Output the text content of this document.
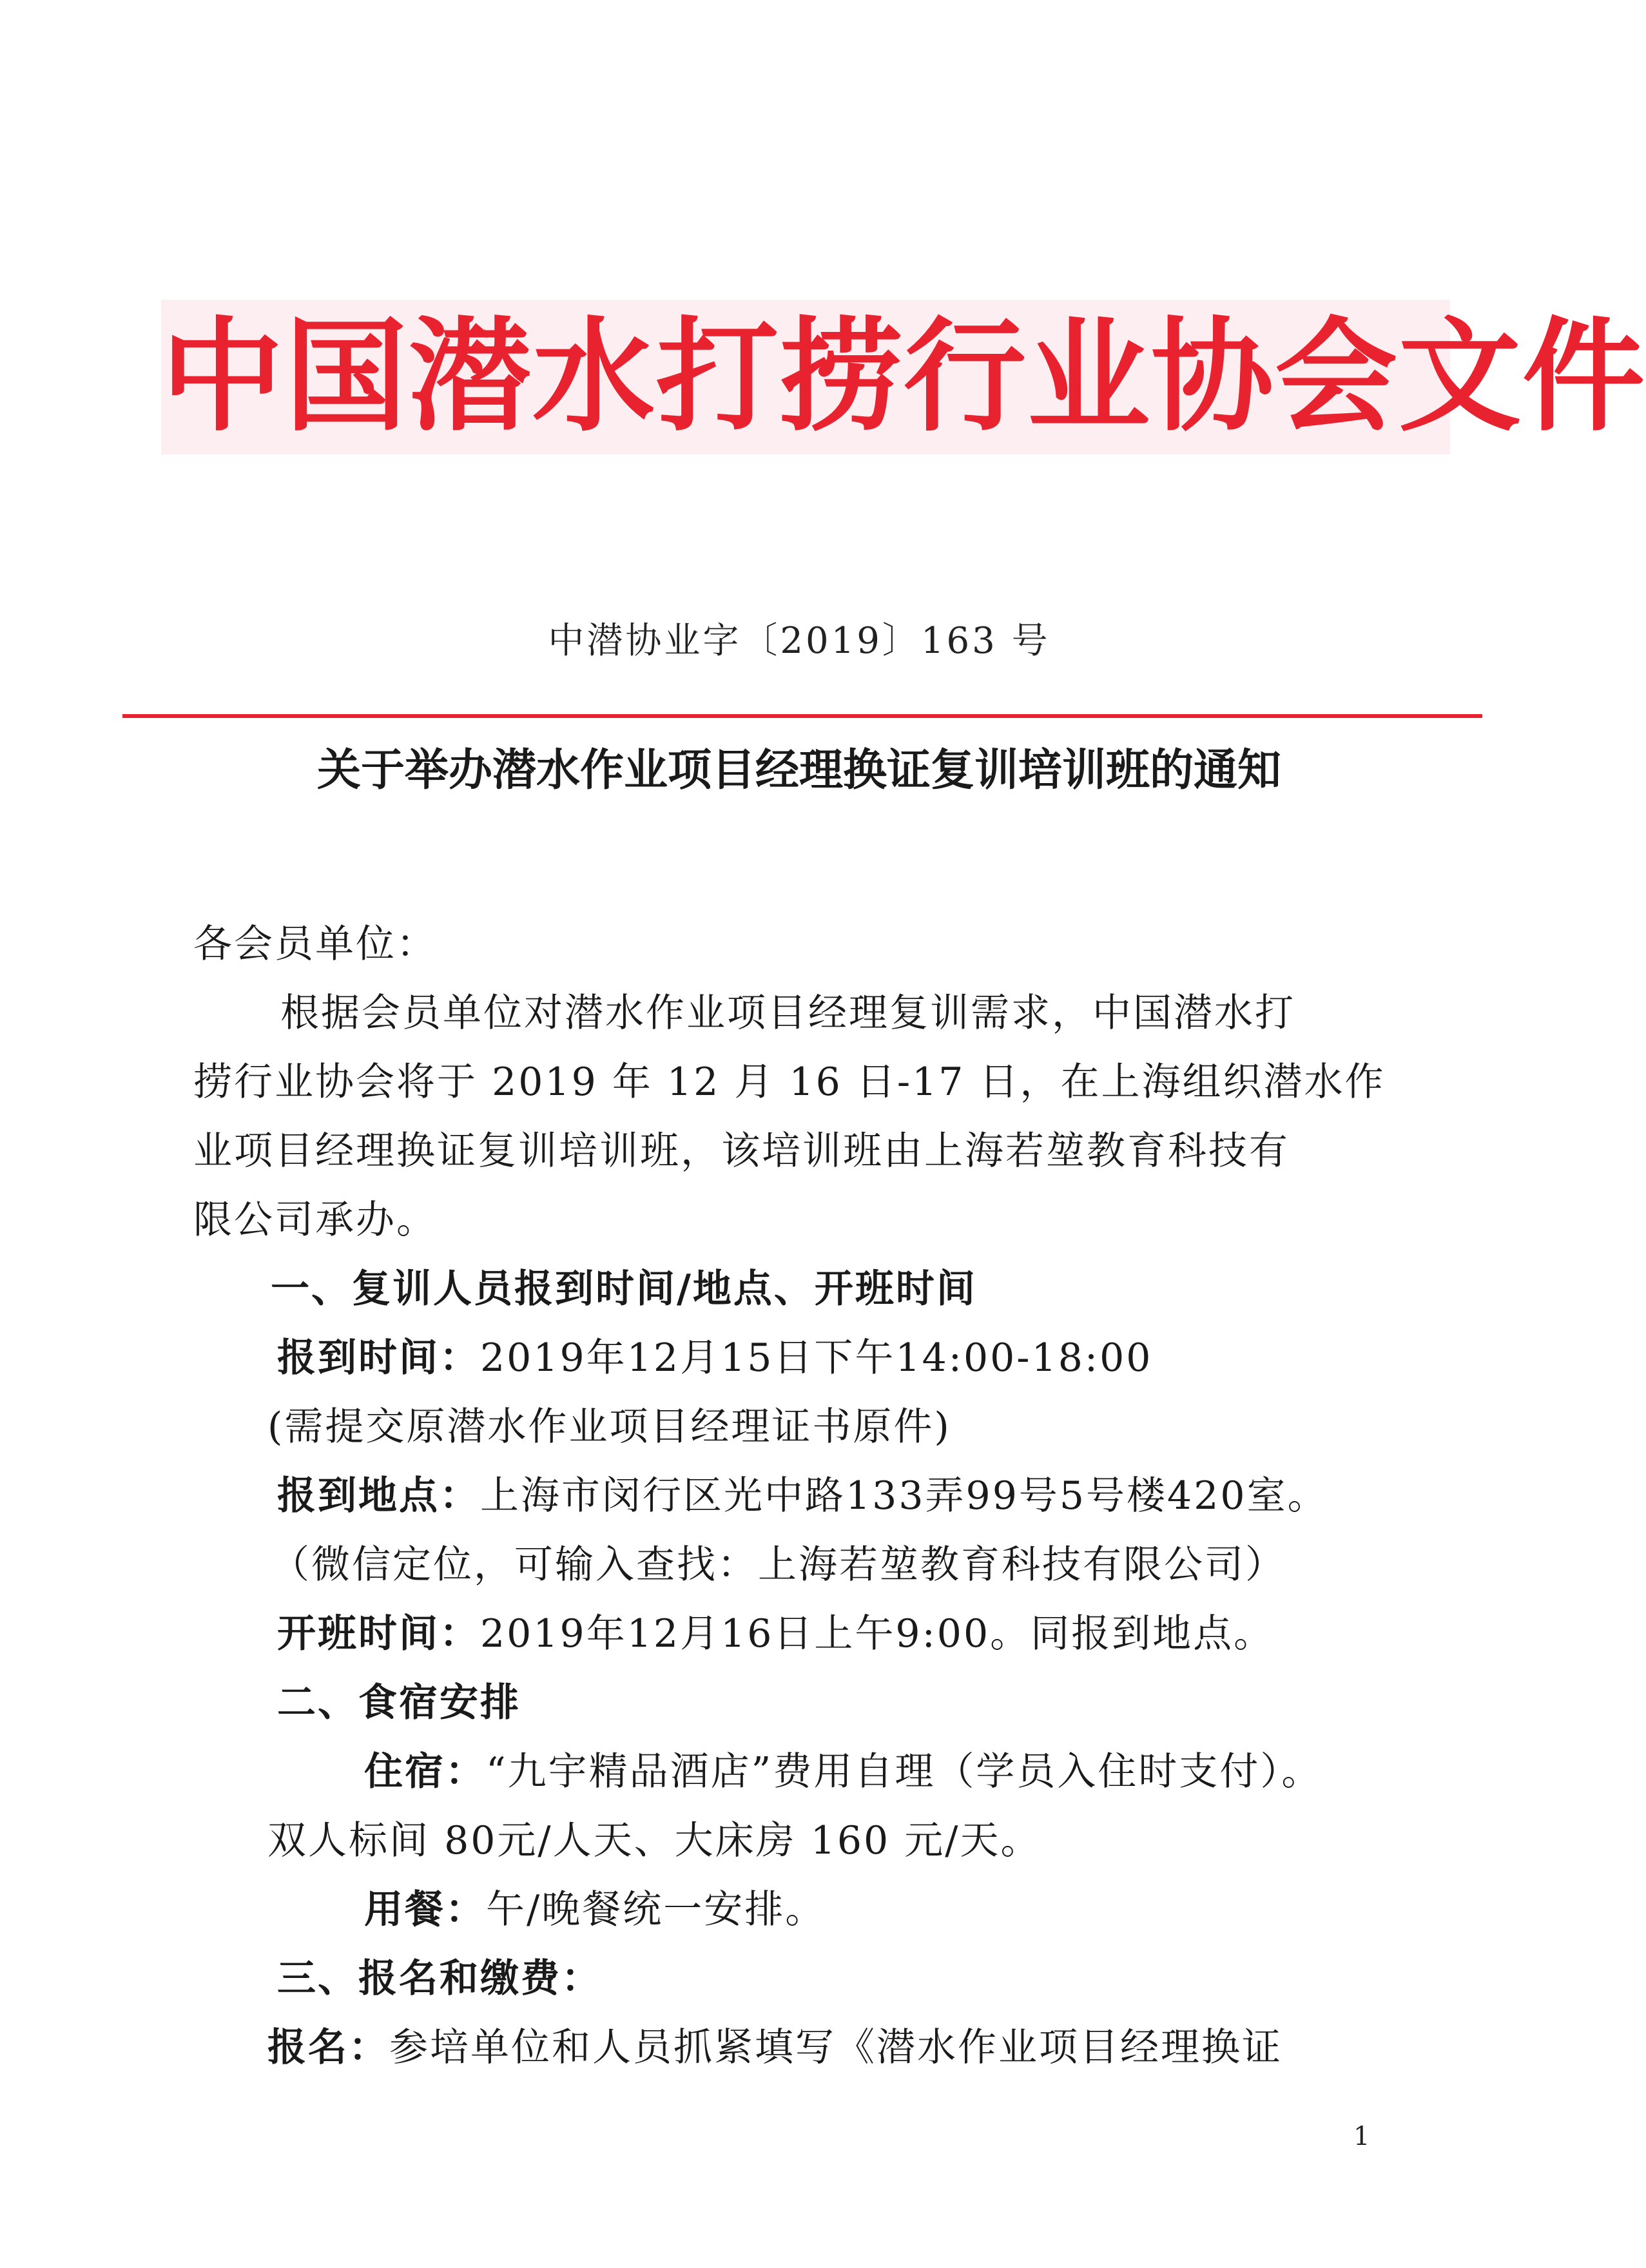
中国潜水打捞行业协会文件
中潜协业字〔2019〕163 号
关于举办潜水作业项目经理换证复训培训班的通知
各会员单位：
根据会员单位对潜水作业项目经理复训需求，中国潜水打
捞行业协会将于 2019 年 12 月 16 日-17 日，在上海组织潜水作
业项目经理换证复训培训班，该培训班由上海若堃教育科技有
限公司承办。
一、复训人员报到时间/地点、开班时间
报到时间：2019年12月15日下午14:00-18:00
(需提交原潜水作业项目经理证书原件)
报到地点：上海市闵行区光中路133弄99号5号楼420室。
（微信定位，可输入查找：上海若堃教育科技有限公司）
开班时间：2019年12月16日上午9:00。同报到地点。
二、食宿安排
住宿：“九宇精品酒店”费用自理（学员入住时支付）。
双人标间 80元/人天、大床房 160 元/天。
用餐：午/晚餐统一安排。
三、报名和缴费：
报名：参培单位和人员抓紧填写《潜水作业项目经理换证
1
